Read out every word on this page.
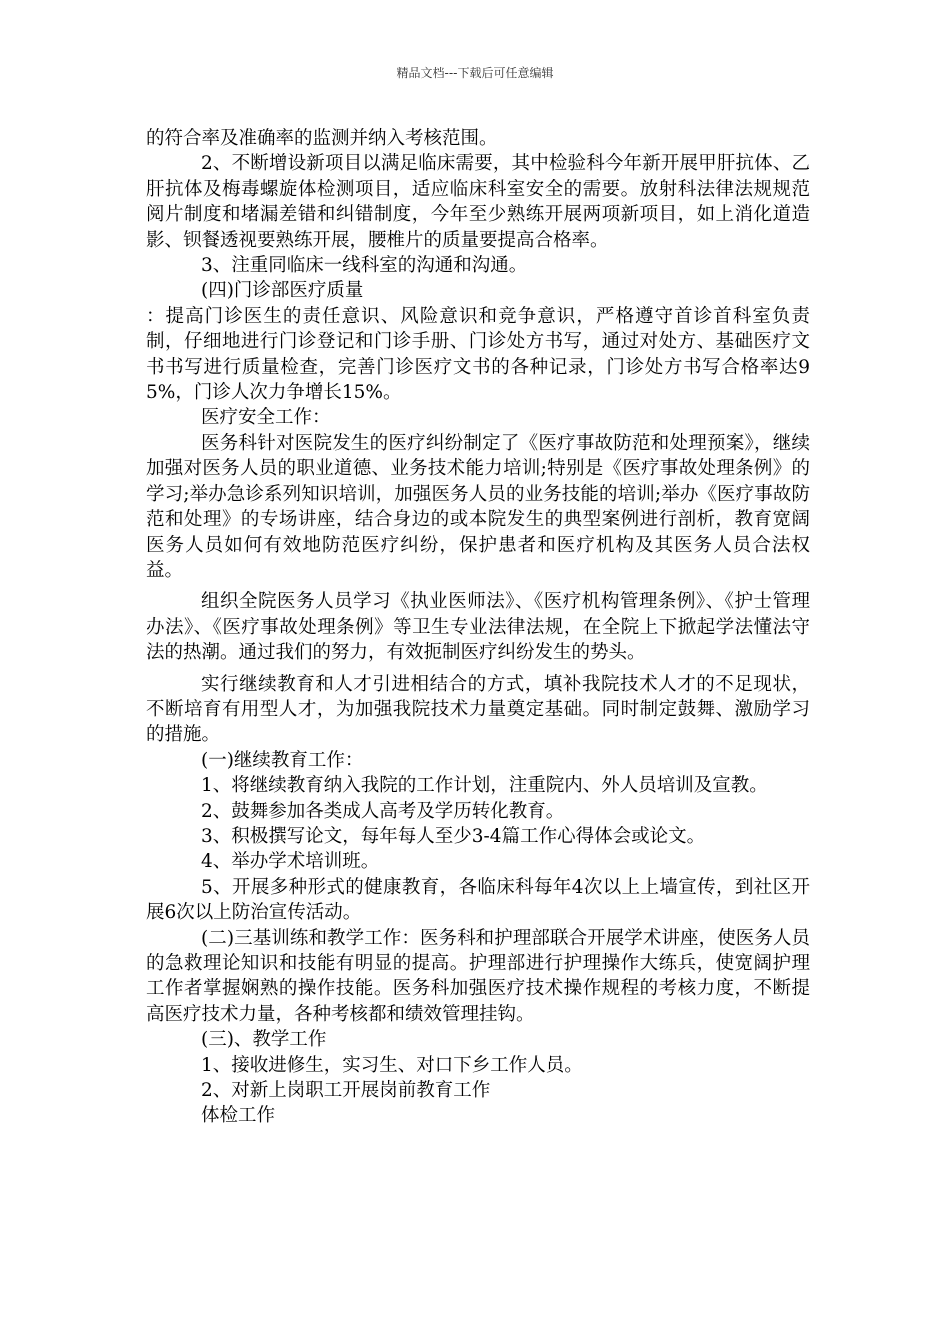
精品文档---下载后可任意编辑

的符合率及准确率的监测并纳入考核范围。

2、不断增设新项目以满足临床需要，其中检验科今年新开展甲肝抗体、乙肝抗体及梅毒螺旋体检测项目，适应临床科室安全的需要。放射科法律法规规范阅片制度和堵漏差错和纠错制度，今年至少熟练开展两项新项目，如上消化道造影、钡餐透视要熟练开展，腰椎片的质量要提高合格率。

3、注重同临床一线科室的沟通和沟通。

(四)门诊部医疗质量

：提高门诊医生的责任意识、风险意识和竞争意识，严格遵守首诊首科室负责制，仔细地进行门诊登记和门诊手册、门诊处方书写，通过对处方、基础医疗文书书写进行质量检查，完善门诊医疗文书的各种记录，门诊处方书写合格率达95%，门诊人次力争增长15%。

医疗安全工作：

医务科针对医院发生的医疗纠纷制定了《医疗事故防范和处理预案》，继续加强对医务人员的职业道德、业务技术能力培训;特别是《医疗事故处理条例》的学习;举办急诊系列知识培训，加强医务人员的业务技能的培训;举办《医疗事故防范和处理》的专场讲座，结合身边的或本院发生的典型案例进行剖析，教育宽阔医务人员如何有效地防范医疗纠纷，保护患者和医疗机构及其医务人员合法权益。

组织全院医务人员学习《执业医师法》、《医疗机构管理条例》、《护士管理办法》、《医疗事故处理条例》等卫生专业法律法规，在全院上下掀起学法懂法守法的热潮。通过我们的努力，有效扼制医疗纠纷发生的势头。

实行继续教育和人才引进相结合的方式，填补我院技术人才的不足现状，不断培育有用型人才，为加强我院技术力量奠定基础。同时制定鼓舞、激励学习的措施。

(一)继续教育工作：

1、将继续教育纳入我院的工作计划，注重院内、外人员培训及宣教。

2、鼓舞参加各类成人高考及学历转化教育。

3、积极撰写论文，每年每人至少3-4篇工作心得体会或论文。

4、举办学术培训班。

5、开展多种形式的健康教育，各临床科每年4次以上上墙宣传，到社区开展6次以上防治宣传活动。

(二)三基训练和教学工作：医务科和护理部联合开展学术讲座，使医务人员的急救理论知识和技能有明显的提高。护理部进行护理操作大练兵，使宽阔护理工作者掌握娴熟的操作技能。医务科加强医疗技术操作规程的考核力度，不断提高医疗技术力量，各种考核都和绩效管理挂钩。

(三)、教学工作

1、接收进修生，实习生、对口下乡工作人员。

2、对新上岗职工开展岗前教育工作

体检工作
